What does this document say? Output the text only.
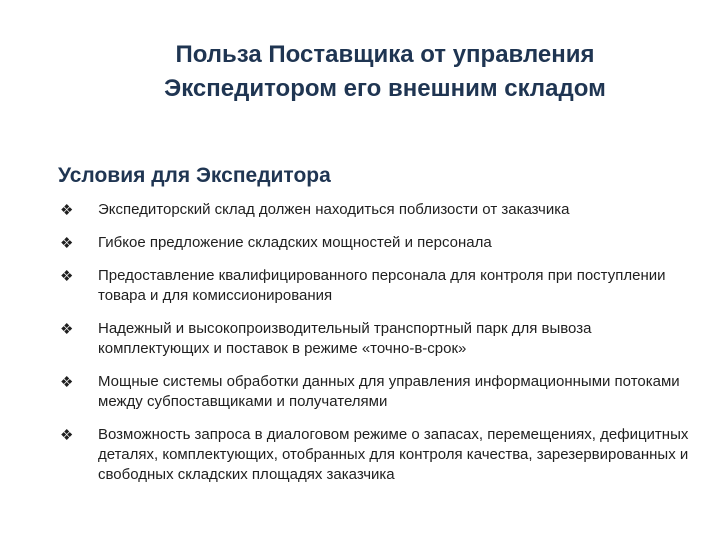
Польза Поставщика от управления
Экспедитором его внешним складом
Условия для Экспедитора
❖ Экспедиторский склад должен находиться поблизости от заказчика
❖ Гибкое предложение складских мощностей и персонала
❖ Предоставление квалифицированного персонала для контроля при поступлении товара и для комиссионирования
❖ Надежный и высокопроизводительный транспортный парк для вывоза комплектующих и поставок в режиме «точно-в-срок»
❖ Мощные системы обработки данных для управления информационными потоками между субпоставщиками и получателями
❖ Возможность запроса в диалоговом режиме о запасах, перемещениях, дефицитных деталях, комплектующих, отобранных для контроля качества, зарезервированных и свободных складских площадях заказчика
